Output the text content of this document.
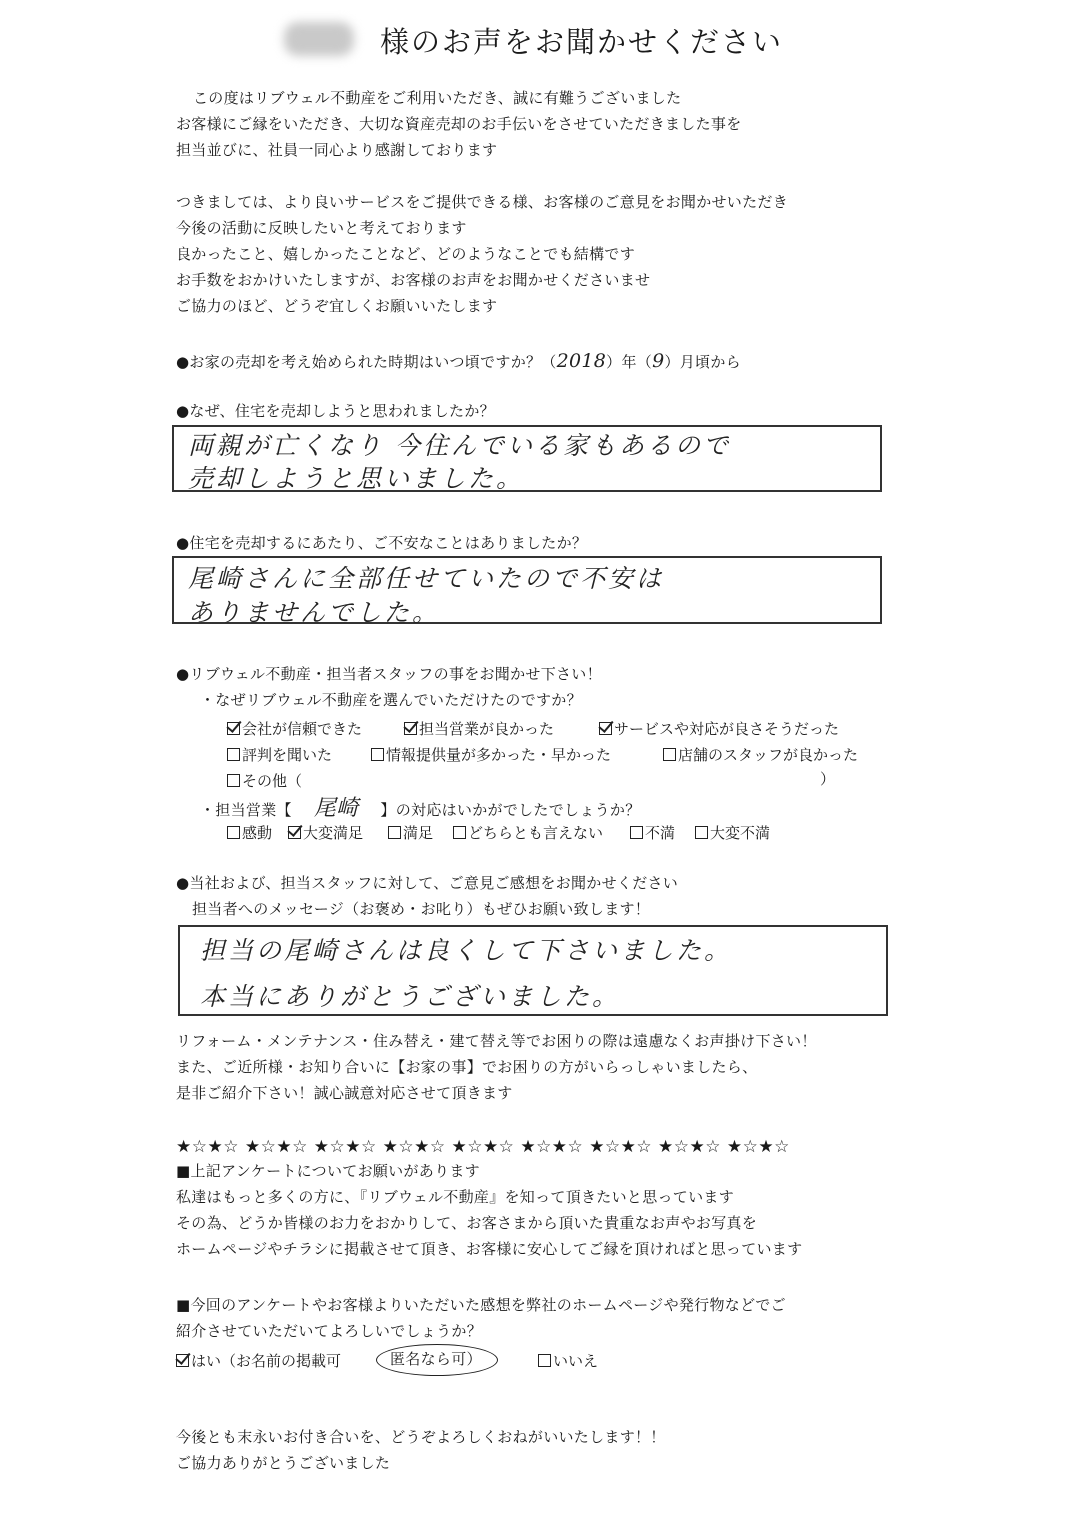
様のお声をお聞かせください
この度はリブウェル不動産をご利用いただき、誠に有難うございました
お客様にご縁をいただき、大切な資産売却のお手伝いをさせていただきました事を
担当並びに、社員一同心より感謝しております
つきましては、より良いサービスをご提供できる様、お客様のご意見をお聞かせいただき
今後の活動に反映したいと考えております
良かったこと、嬉しかったことなど、どのようなことでも結構です
お手数をおかけいたしますが、お客様のお声をお聞かせくださいませ
ご協力のほど、どうぞ宜しくお願いいたします
●お家の売却を考え始められた時期はいつ頃ですか？（2018）年（9）月頃から
●なぜ、住宅を売却しようと思われましたか？
両親が亡くなり 今住んでいる家もあるので
売却しようと思いました。
●住宅を売却するにあたり、ご不安なことはありましたか？
尾崎さんに全部任せていたので不安は
ありませんでした。
●リブウェル不動産・担当者スタッフの事をお聞かせ下さい！
・なぜリブウェル不動産を選んでいただけたのですか？
会社が信頼できた	担当営業が良かった	サービスや対応が良さそうだった
評判を聞いた	情報提供量が多かった・早かった	店舗のスタッフが良かった
その他（	）
・担当営業【 尾崎 】の対応はいかがでしたでしょうか？
感動	大変満足	満足	どちらとも言えない	不満	大変不満
●当社および、担当スタッフに対して、ご意見ご感想をお聞かせください
担当者へのメッセージ（お褒め・お叱り）もぜひお願い致します！
担当の尾崎さんは良くして下さいました。
本当にありがとうございました。
リフォーム・メンテナンス・住み替え・建て替え等でお困りの際は遠慮なくお声掛け下さい！
また、ご近所様・お知り合いに【お家の事】でお困りの方がいらっしゃいましたら、
是非ご紹介下さい！誠心誠意対応させて頂きます
★☆★☆ ★☆★☆ ★☆★☆ ★☆★☆ ★☆★☆ ★☆★☆ ★☆★☆ ★☆★☆ ★☆★☆
■上記アンケートについてお願いがあります
私達はもっと多くの方に、『リブウェル不動産』を知って頂きたいと思っています
その為、どうか皆様のお力をおかりして、お客さまから頂いた貴重なお声やお写真を
ホームページやチラシに掲載させて頂き、お客様に安心してご縁を頂ければと思っています
■今回のアンケートやお客様よりいただいた感想を弊社のホームページや発行物などでご
紹介させていただいてよろしいでしょうか？
はい（お名前の掲載可	匿名なら可）	いいえ
今後とも末永いお付き合いを、どうぞよろしくおねがいいたします！！
ご協力ありがとうございました
